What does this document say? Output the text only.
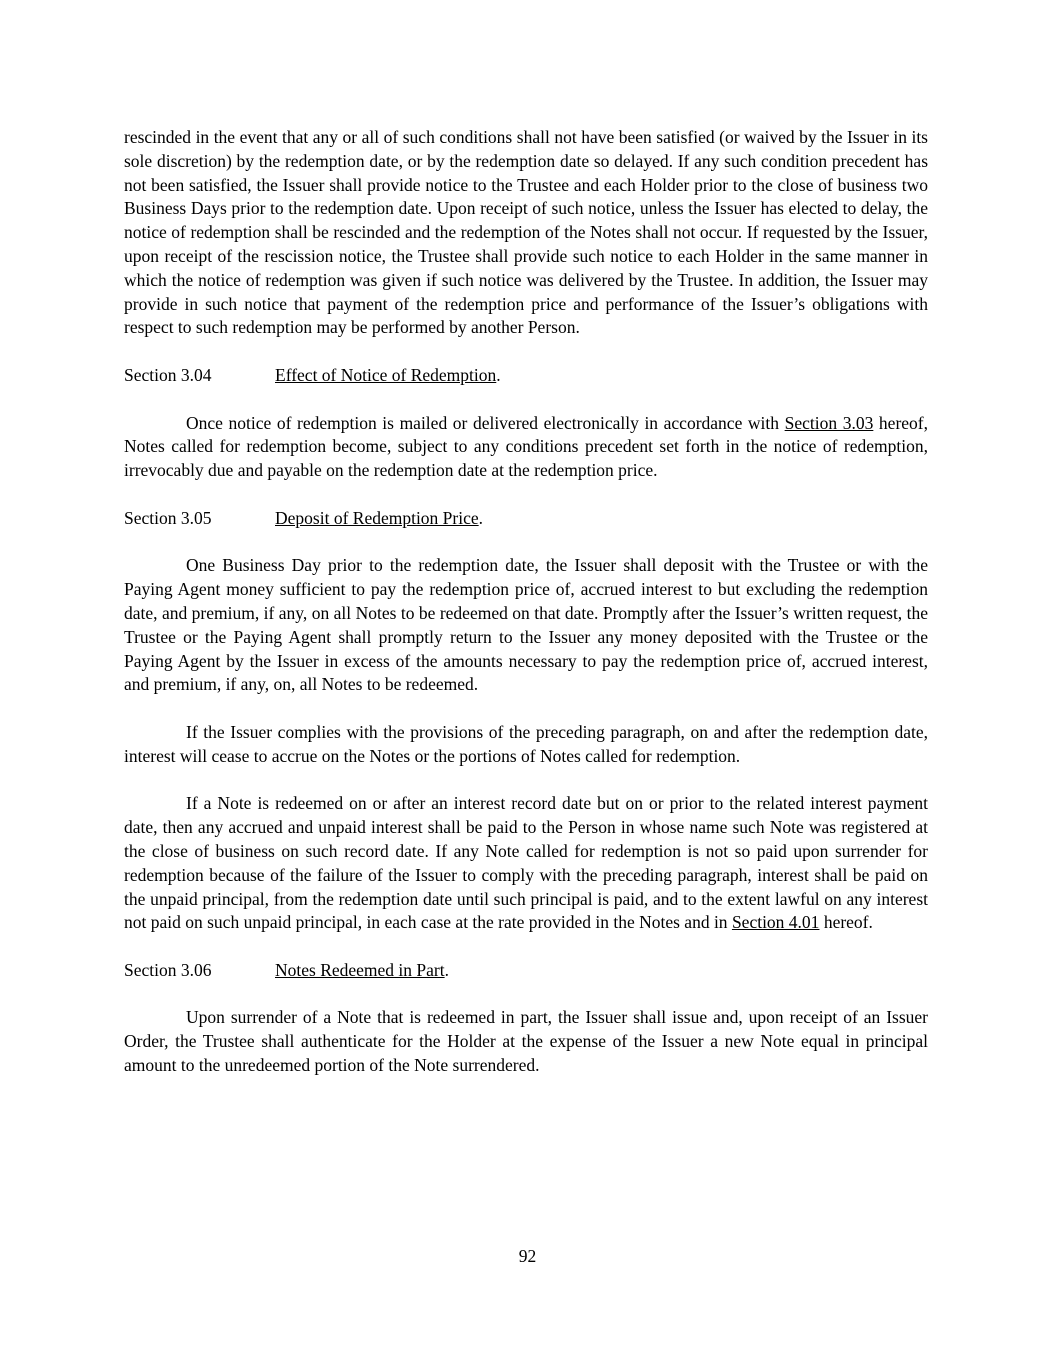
rescinded in the event that any or all of such conditions shall not have been satisfied (or waived by the Issuer in its sole discretion) by the redemption date, or by the redemption date so delayed. If any such condition precedent has not been satisfied, the Issuer shall provide notice to the Trustee and each Holder prior to the close of business two Business Days prior to the redemption date. Upon receipt of such notice, unless the Issuer has elected to delay, the notice of redemption shall be rescinded and the redemption of the Notes shall not occur. If requested by the Issuer, upon receipt of the rescission notice, the Trustee shall provide such notice to each Holder in the same manner in which the notice of redemption was given if such notice was delivered by the Trustee. In addition, the Issuer may provide in such notice that payment of the redemption price and performance of the Issuer’s obligations with respect to such redemption may be performed by another Person.

Section 3.04	Effect of Notice of Redemption.

Once notice of redemption is mailed or delivered electronically in accordance with Section 3.03 hereof, Notes called for redemption become, subject to any conditions precedent set forth in the notice of redemption, irrevocably due and payable on the redemption date at the redemption price.

Section 3.05	Deposit of Redemption Price.

One Business Day prior to the redemption date, the Issuer shall deposit with the Trustee or with the Paying Agent money sufficient to pay the redemption price of, accrued interest to but excluding the redemption date, and premium, if any, on all Notes to be redeemed on that date. Promptly after the Issuer’s written request, the Trustee or the Paying Agent shall promptly return to the Issuer any money deposited with the Trustee or the Paying Agent by the Issuer in excess of the amounts necessary to pay the redemption price of, accrued interest, and premium, if any, on, all Notes to be redeemed.

If the Issuer complies with the provisions of the preceding paragraph, on and after the redemption date, interest will cease to accrue on the Notes or the portions of Notes called for redemption.

If a Note is redeemed on or after an interest record date but on or prior to the related interest payment date, then any accrued and unpaid interest shall be paid to the Person in whose name such Note was registered at the close of business on such record date. If any Note called for redemption is not so paid upon surrender for redemption because of the failure of the Issuer to comply with the preceding paragraph, interest shall be paid on the unpaid principal, from the redemption date until such principal is paid, and to the extent lawful on any interest not paid on such unpaid principal, in each case at the rate provided in the Notes and in Section 4.01 hereof.

Section 3.06	Notes Redeemed in Part.

Upon surrender of a Note that is redeemed in part, the Issuer shall issue and, upon receipt of an Issuer Order, the Trustee shall authenticate for the Holder at the expense of the Issuer a new Note equal in principal amount to the unredeemed portion of the Note surrendered.

92
